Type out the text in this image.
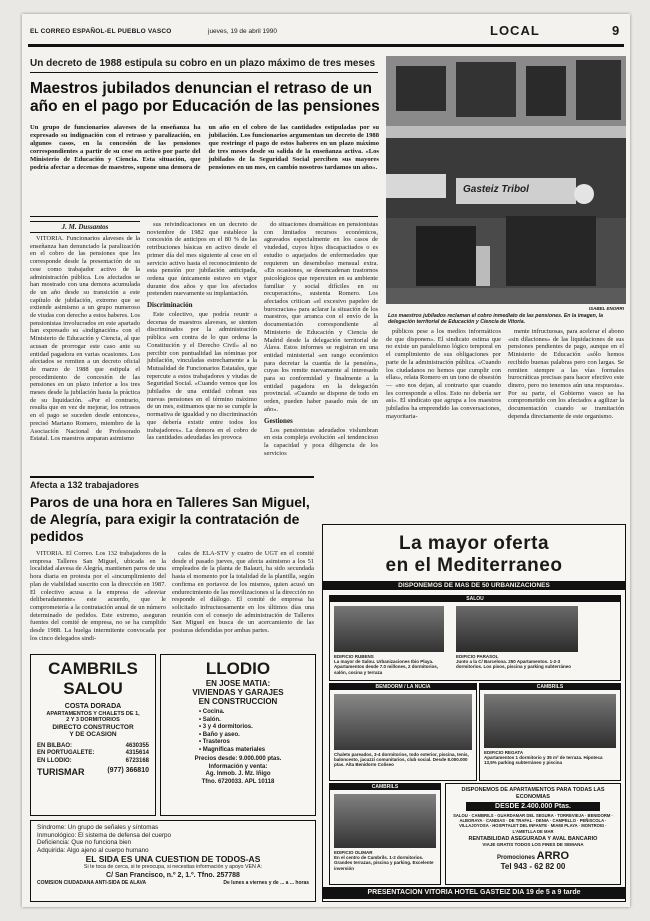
EL CORREO ESPAÑOL-EL PUEBLO VASCO	jueves, 19 de abril 1990	LOCAL	9
Un decreto de 1988 estipula su cobro en un plazo máximo de tres meses
Maestros jubilados denuncian el retraso de un año en el pago por Educación de las pensiones
Un grupo de funcionarios alaveses de la enseñanza ha expresado su indignación con el retraso y paralización, en algunos casos, en la concesión de las pensiones correspondientes a partir de su cese en activo por parte del Ministerio de Educación y Ciencia. Esta situación, que podría afectar a decenas de maestros, supone una demora de un año en el cobro de las cantidades estipuladas por su jubilación. Los funcionarios argumentan un decreto de 1988 que restringe el pago de estos haberes en un plazo máximo de tres meses desde su salida de la enseñanza activa. «Los jubilados de la Seguridad Social perciben sus mayores pensiones en un mes, en cambio nosotros tardamos un año».
J. M. Dussantos

VITORIA. Funcionarios alaveses de la enseñanza han denunciado la paralización en el cobro de las pensiones que les corresponde desde la presentación de su cese como trabajador activo de la administración pública. Los afectados se han mostrado con una demora acumulada de un año desde su transición a este capítulo de jubilación, extremo que se extiende asimismo a un grupo numeroso de viudas con derecho a estos haberes. Los pensionistas involucrados en este apartado han expresado su «indignación» con el Ministerio de Educación y Ciencia, al que acusan de prorrogar este caso ante su entidad pagadora en varias ocasiones. Los afectados se remiten a un decreto oficial de marzo de 1988 que estipula el procedimiento de concesión de las pensiones en un plazo inferior a los tres meses desde la jubilación hasta la práctica de su liquidación. «Por el contrario, resulta que en vez de mejorar, los retrasos en el pago se suceden desde entonces», precisó Mariano Romero, miembro de la Asociación Nacional de Profesorado Estatal. Los maestros amparan asimismo

sus reivindicaciones en un decreto de noviembre de 1982 que establece la concesión de anticipos en el 80 % de las retribuciones básicas en activo desde el primer día del mes siguiente al cese en el servicio activo hasta el reconocimiento de esta pensión por jubilación anticipada, ordena que únicamente estuvo en vigor durante dos años y que los afectados pretenden nuevamente su implantación.

Discriminación

Este colectivo, que podría reunir a decenas de maestros alaveses, se sienten discriminados por la administración pública «en contra de lo que ordena la Constitución y el Derecho Civil» al no percibir con puntualidad las nóminas por jubilación, vinculadas estrechamente a la Mutualidad de Funcionarios Estatales, que repercute a estos trabajadores y viudas de Seguridad Social. «Cuando vemos que los jubilados de una entidad cobran sus nuevas pensiones en el término máximo de un mes, estimamos que no se cumple la normativa de igualdad y no discriminación que debería existir entre todos los trabajadores». La demora en el cobro de las cantidades adeudadas les provoca

do situaciones dramáticas en pensionistas con limitados recursos económicos, agravados especialmente en los casos de viudedad, cuyos hijos discapacitados o es estudio o aquejados de enfermedades que requieren un desembolso mensual extra. «En ocasiones, se desencadenan trastornos psicológicos que repercuten en su ambiente familiar y social difíciles en su recuperación», sustenta Romero. Los afectados critican «el excesivo papeleo de burocracias» para aclarar la situación de los maestros, que arranca con el envío de la documentación correspondiente al Ministerio de Educación y Ciencia de Madrid desde la delegación territorial de Álava. Estos informes se registran en una entidad ministerial «en rango económico para decretar la cuantía de la pensión», cuyas los remite nuevamente al interesado para su conformidad y finalmente a la entidad pagadora en la delegación provincial. «Cuando se dispone de todo en orden, pueden haber pasado más de un año».

Gestiones

Los pensionistas adeudados vislumbran en esta compleja evolución «el tendencioso la capacidad y poca diligencia de los servicios

Gasteiz Tribol
ISABEL ENORRI
Los maestros jubilados reclaman el cobro inmediato de las pensiones. En la imagen, la delegación territorial de Educación y Ciencia de Vitoria.

públicos pese a los medios informáticos de que disponen». El sindicato estima que no existe un paralelismo lógico temporal en el cumplimiento de sus obligaciones por parte de la administración pública. «Cuando los ciudadanos no hemos que cumplir con ellas», relata Romero en un tono de obsesión— «no nos dejan, al contrario que cuando les corresponde a ellos. Esto no debería ser así». El sindicato que agrupa a los maestros jubilados ha emprendido las conversaciones, mayoritaria-

mente infructuosas, para acelerar el abono «sin dilaciones» de las liquidaciones de sus pensiones pendientes de pago, aunque en el Ministerio de Educación «sólo hemos recibido buenas palabras pero con largas. Se remiten siempre a las vías formales burocráticas precisas para hacer efectivo este dinero, pero no tenemos aún una respuesta». Por su parte, el Gobierno vasco se ha comprometido con los afectados a agilizar la documentación cuando se tramitación dependa directamente de este organismo.

Afecta a 132 trabajadores
Paros de una hora en Talleres San Miguel, de Alegría, para exigir la contratación de pedidos

VITORIA. El Correo. Los 132 trabajadores de la empresa Talleres San Miguel, ubicada en la localidad alavesa de Alegría, mantienen paros de una hora diaria en protesta por el «incumplimiento del plan de viabilidad suscrito con la dirección en 1987. El colectivo acusa a la empresa de «desviar deliberadamente» este acuerdo, que le comprometería a la contratación anual de un número determinado de pedidos. Este extremo, aseguran fuentes del comité de empresa, no se ha cumplido desde 1988. La huelga intermitente convocada por los cinco delegados sindi-

cales de ELA-STV y cuatro de UGT en el comité desde el pasado jueves, que afecta asimismo a los 51 empleados de la planta de Balauri, ha sido secundada hasta el momento por la totalidad de la plantilla, según confirma en portavoz de los mismos, quien acusó un endurecimiento de las movilizaciones si la dirección no responde el diálogo. El comité de empresa ha solicitado infructuosamente en los últimos días una reunión con el consejo de administración de Talleres San Miguel en busca de un acercamiento de las posturas defendidas por ambas partes.

CAMBRILS
SALOU
COSTA DORADA
APARTAMENTOS Y CHALETS DE 1,
2 Y 3 DORMITORIOS
DIRECTO CONSTRUCTOR
Y DE OCASION
EN BILBAO:	4630355
EN PORTUGALETE:	4315614
EN LLODIO:	6723168
TURISMAR	(977) 366810
LLODIO
EN JOSE MATIA:
VIVIENDAS Y GARAJES
EN CONSTRUCCION
• Cocina.
• Salón.
• 3 y 4 dormitorios.
• Baño y aseo.
• Trasteros
• Magníficas materiales
Precios desde: 9.000.000 ptas.
Información y venta:
Ag. Inmob. J. Mz. Iñigo
Tfno. 6720033. APL 10118
Síndrome: Un grupo de señales y síntomas
Inmunológico: El sistema de defensa del cuerpo
Deficiencia: Que no funciona bien
Adquirida: Algo ajeno al cuerpo humano
EL SIDA ES UNA CUESTION DE TODOS-AS
Si te toca de cerca, si te preocupa, si necesitas información y apoyo VEN A:
C/ San Francisco, n.º 2, 1.º. Tfno. 257788
COMISION CIUDADANA ANTI-SIDA DE ALAVA	De lunes a viernes y de ... a ... horas
La mayor oferta
en el Mediterraneo
DISPONEMOS DE MAS DE 50 URBANIZACIONES
SALOU
EDIFICIO RUBENS
La mayor de Salou. Urbanizaciones Ibio Playa. Apartamentos desde 7.0 millones, 2 dormitorios, salón, cocina y terraza
EDIFICIO PARASOL
Junto a la C/ Barcelona. 250 Apartamentos. 1-2-3 dormitorios. Los pisos, piscina y parking subterráneo
BENIDORM / LA NUCIA
Chalets pareados, 3-4 dormitorios, todo exterior, piscina, tenis, baloncesto, jacuzzi comunitarios, club social. Desde 8.000.000 ptas. Alta Benidorm Coliseo
CAMBRILS
EDIFICIO REGATA
Apartamentos 1 dormitorio y 35 m² de terraza. Hipoteca 13,5% parking subterráneo y piscina
CAMBRILS
EDIFICIO OLIMAR
En el centro de Cambrils. 1-2 dormitorios. Grandes terrazas, piscina y parking. Excelente inversión
DISPONEMOS DE APARTAMENTOS PARA TODAS LAS ECONOMIAS
DESDE 2.400.000 Ptas.
SALOU · CAMBRILS · GUARDAMAR DEL SEGURA · TORREVIEJA · BENIDORM · ALBORAYA · CANDIAS · DE TRAFAL · DENIA · CAMPELLO · PEÑISCOLA · VILLAJOYOSA · HOSPITALET DEL INFANTE · MIAMI PLAYA · MONTROIG · L'AMETLLA DE MAR
RENTABILIDAD ASEGURADA Y AVAL BANCARIO
VIAJE GRATIS TODOS LOS FINES DE SEMANA
Promociones ARRO
Tel 943 - 62 82 00
PRESENTACION VITORIA HOTEL GASTEIZ DIA 19 de 5 a 9 tarde
